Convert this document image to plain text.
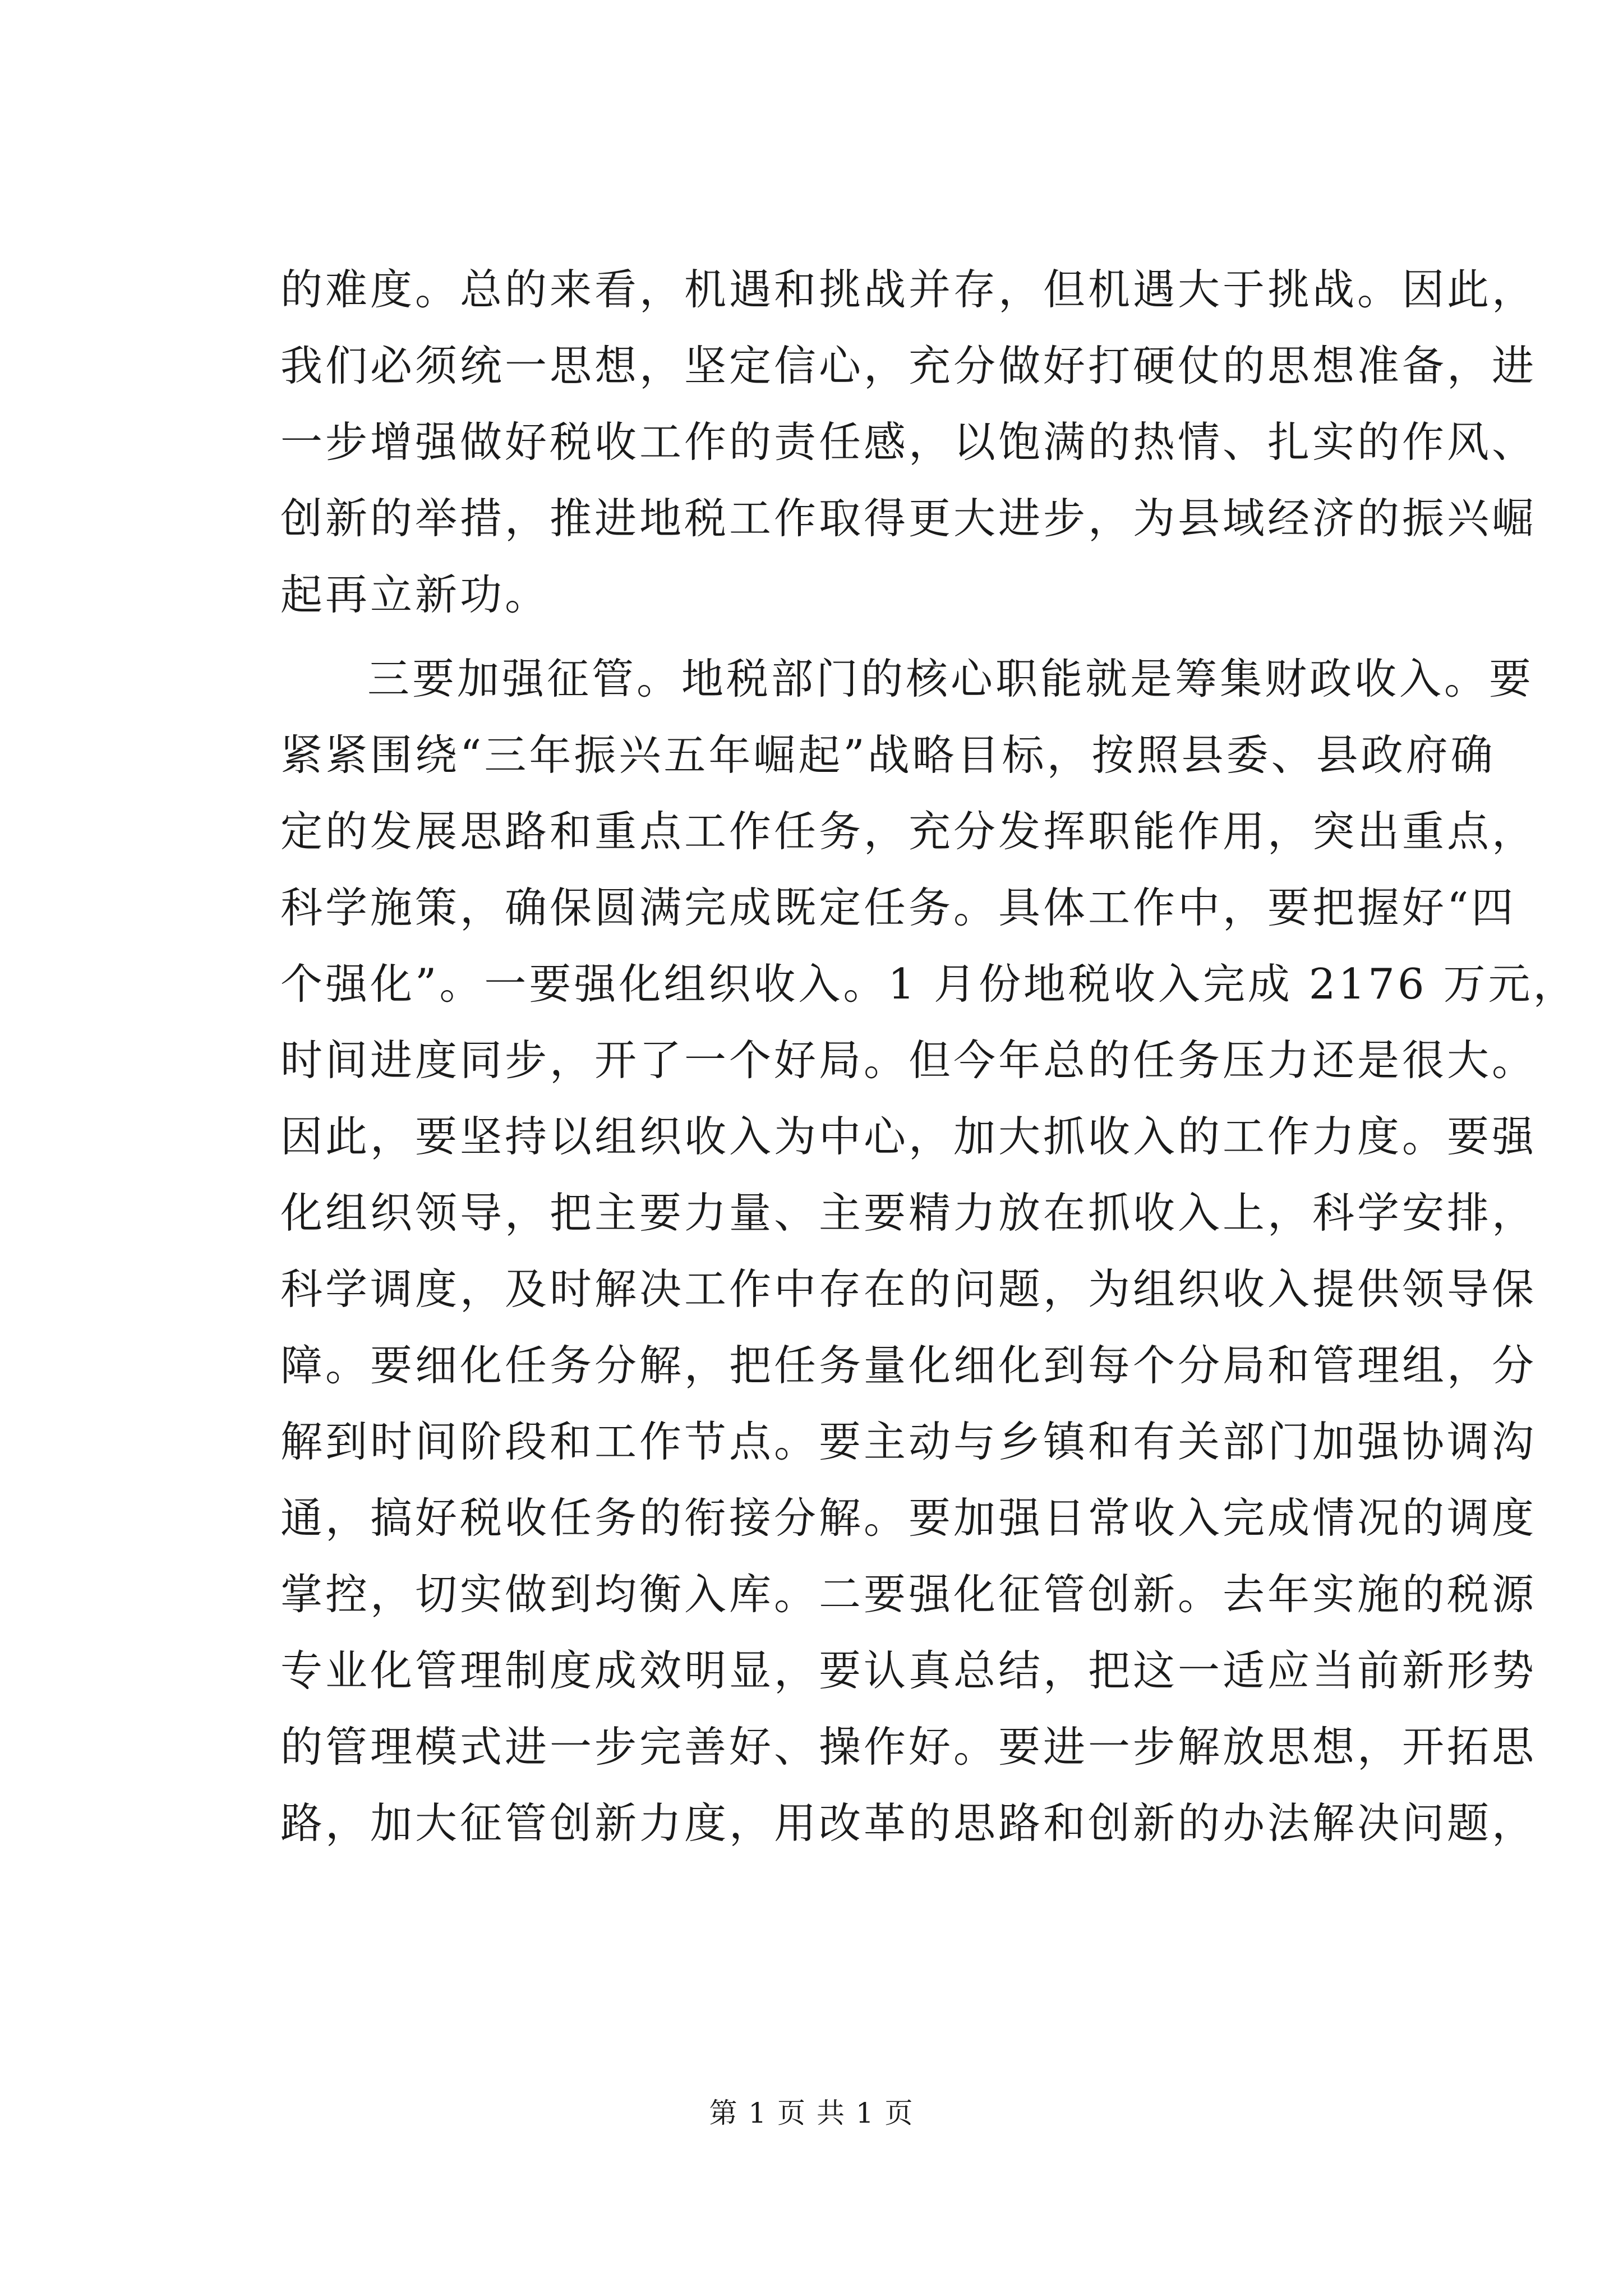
的难度。总的来看，机遇和挑战并存，但机遇大于挑战。因此，
我们必须统一思想，坚定信心，充分做好打硬仗的思想准备，进
一步增强做好税收工作的责任感，以饱满的热情、扎实的作风、
创新的举措，推进地税工作取得更大进步，为县域经济的振兴崛
起再立新功。
三要加强征管。地税部门的核心职能就是筹集财政收入。要
紧紧围绕“三年振兴五年崛起”战略目标，按照县委、县政府确
定的发展思路和重点工作任务，充分发挥职能作用，突出重点，
科学施策，确保圆满完成既定任务。具体工作中，要把握好“四
个强化”。一要强化组织收入。1 月份地税收入完成 2176 万元，
时间进度同步，开了一个好局。但今年总的任务压力还是很大。
因此，要坚持以组织收入为中心，加大抓收入的工作力度。要强
化组织领导，把主要力量、主要精力放在抓收入上，科学安排，
科学调度，及时解决工作中存在的问题，为组织收入提供领导保
障。要细化任务分解，把任务量化细化到每个分局和管理组，分
解到时间阶段和工作节点。要主动与乡镇和有关部门加强协调沟
通，搞好税收任务的衔接分解。要加强日常收入完成情况的调度
掌控，切实做到均衡入库。二要强化征管创新。去年实施的税源
专业化管理制度成效明显，要认真总结，把这一适应当前新形势
的管理模式进一步完善好、操作好。要进一步解放思想，开拓思
路，加大征管创新力度，用改革的思路和创新的办法解决问题，
第 1 页 共 1 页
